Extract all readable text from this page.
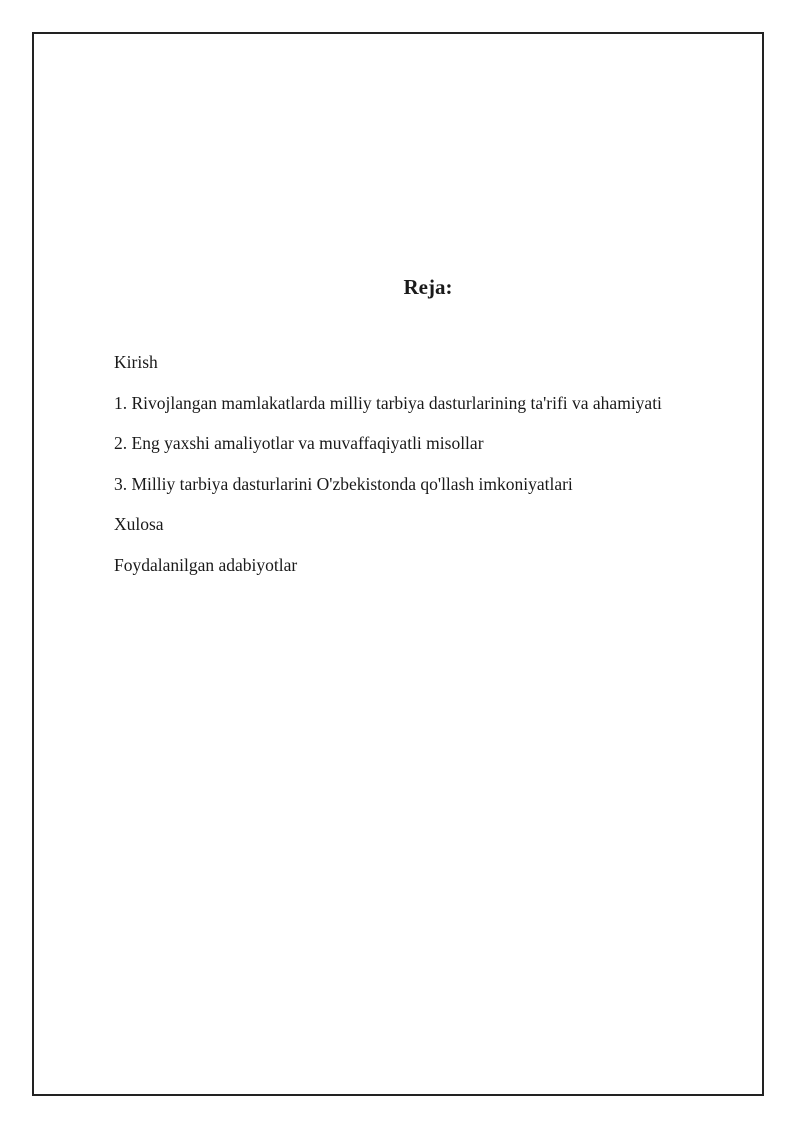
Reja:
Kirish
1. Rivojlangan mamlakatlarda milliy tarbiya dasturlarining ta'rifi va ahamiyati
2. Eng yaxshi amaliyotlar va muvaffaqiyatli misollar
3. Milliy tarbiya dasturlarini O'zbekistonda qo'llash imkoniyatlari
Xulosa
Foydalanilgan adabiyotlar
